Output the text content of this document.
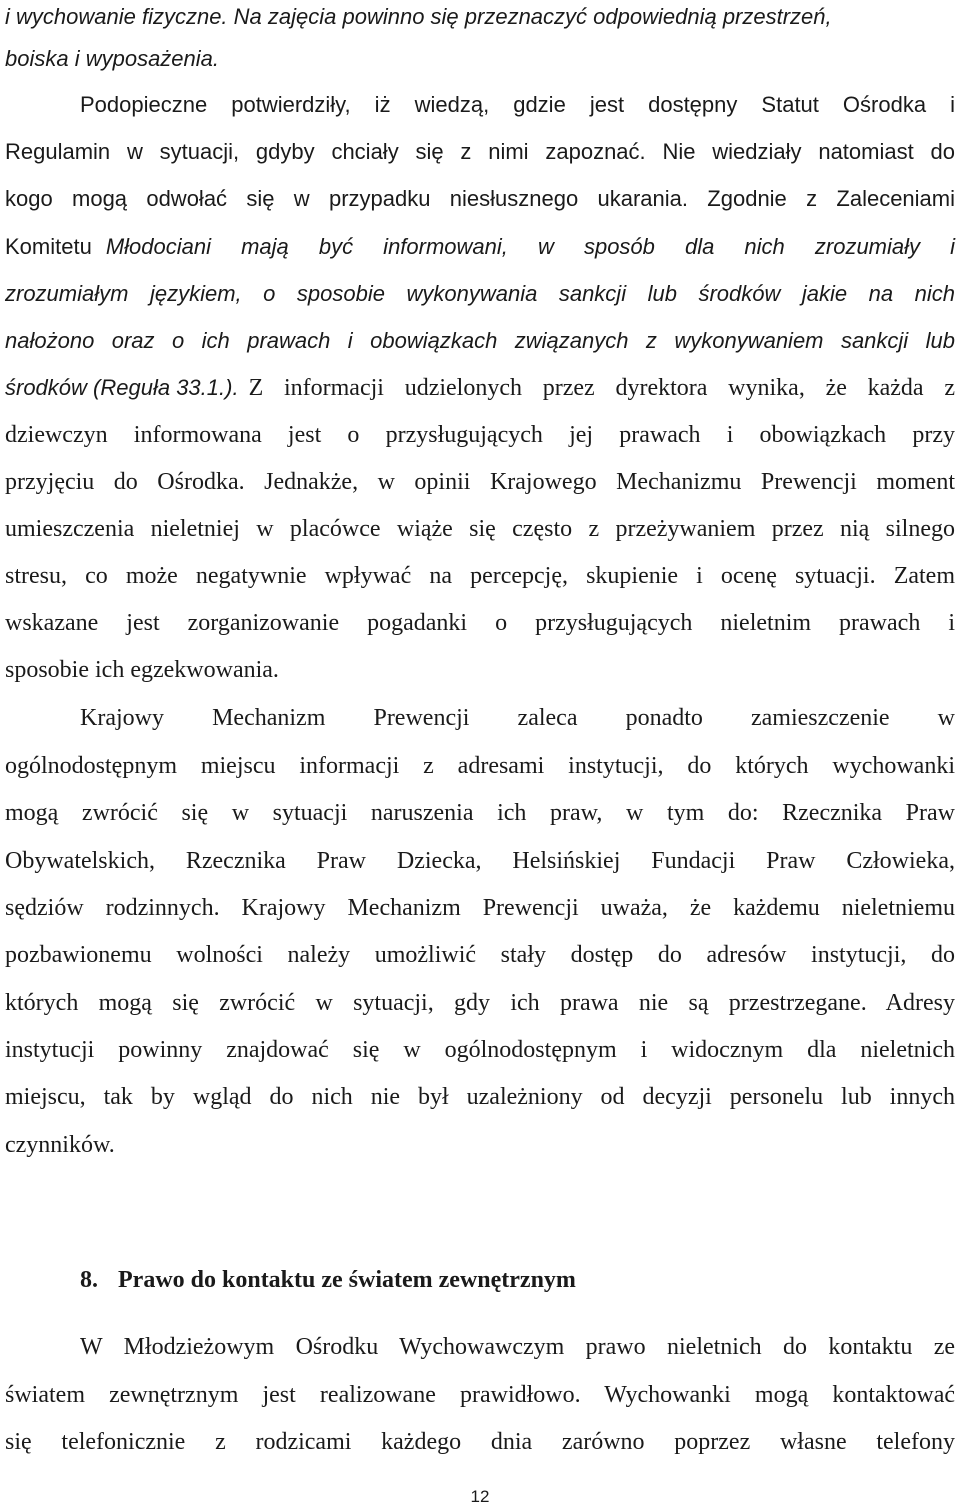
i wychowanie fizyczne. Na zajęcia powinno się przeznaczyć odpowiednią przestrzeń,
boiska i wyposażenia.
Podopieczne potwierdziły, iż wiedzą, gdzie jest dostępny Statut Ośrodka i
Regulamin w sytuacji, gdyby chciały się z nimi zapoznać. Nie wiedziały natomiast do
kogo mogą odwołać się w przypadku niesłusznego ukarania. Zgodnie z Zaleceniami
Komitetu Młodociani mają być informowani, w sposób dla nich zrozumiały i
zrozumiałym językiem, o sposobie wykonywania sankcji lub środków jakie na nich
nałożono oraz o ich prawach i obowiązkach związanych z wykonywaniem sankcji lub
środków (Reguła 33.1.). Z informacji udzielonych przez dyrektora wynika, że każda z
dziewczyn informowana jest o przysługujących jej prawach i obowiązkach przy
przyjęciu do Ośrodka. Jednakże, w opinii Krajowego Mechanizmu Prewencji moment
umieszczenia nieletniej w placówce wiąże się często z przeżywaniem przez nią silnego
stresu, co może negatywnie wpływać na percepcję, skupienie i ocenę sytuacji. Zatem
wskazane jest zorganizowanie pogadanki o przysługujących nieletnim prawach i
sposobie ich egzekwowania.
Krajowy Mechanizm Prewencji zaleca ponadto zamieszczenie w
ogólnodostępnym miejscu informacji z adresami instytucji, do których wychowanki
mogą zwrócić się w sytuacji naruszenia ich praw, w tym do: Rzecznika Praw
Obywatelskich, Rzecznika Praw Dziecka, Helsińskiej Fundacji Praw Człowieka,
sędziów rodzinnych. Krajowy Mechanizm Prewencji uważa, że każdemu nieletniemu
pozbawionemu wolności należy umożliwić stały dostęp do adresów instytucji, do
których mogą się zwrócić w sytuacji, gdy ich prawa nie są przestrzegane. Adresy
instytucji powinny znajdować się w ogólnodostępnym i widocznym dla nieletnich
miejscu, tak by wgląd do nich nie był uzależniony od decyzji personelu lub innych
czynników.
8. Prawo do kontaktu ze światem zewnętrznym
W Młodzieżowym Ośrodku Wychowawczym prawo nieletnich do kontaktu ze
światem zewnętrznym jest realizowane prawidłowo. Wychowanki mogą kontaktować
się telefonicznie z rodzicami każdego dnia zarówno poprzez własne telefony
12
